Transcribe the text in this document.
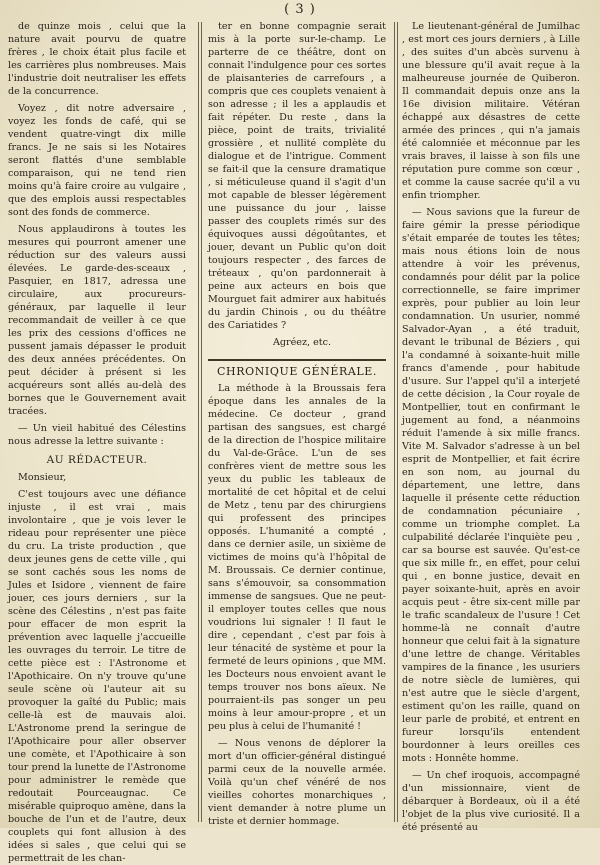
( 3 )

de quinze mois , celui que la nature avait pourvu de quatre frères , le choix était plus facile et les carrières plus nombreuses. Mais l'industrie doit neutraliser les effets de la concurrence.

Voyez , dit notre adversaire , voyez les fonds de café, qui se vendent quatre-vingt dix mille francs. Je ne sais si les Notaires seront flattés d'une semblable comparaison, qui ne tend rien moins qu'à faire croire au vulgaire , que des emplois aussi respectables sont des fonds de commerce.

Nous applaudirons à toutes les mesures qui pourront amener une réduction sur des valeurs aussi élevées. Le garde-des-sceaux , Pasquier, en 1817, adressa une circulaire, aux procureurs-généraux, par laquelle il leur recommandait de veiller à ce que les prix des cessions d'offices ne pussent jamais dépasser le produit des deux années précédentes. On peut décider à présent si les acquéreurs sont allés au-delà des bornes que le Gouvernement avait tracées.

— Un vieil habitué des Célestins nous adresse la lettre suivante :

AU RÉDACTEUR.

Monsieur,

C'est toujours avec une défiance injuste , il est vrai , mais involontaire , que je vois lever le rideau pour représenter une pièce du cru. La triste production , que deux jeunes gens de cette ville , qui se sont cachés sous les noms de Jules et Isidore , viennent de faire jouer, ces jours derniers , sur la scène des Célestins , n'est pas faite pour effacer de mon esprit la prévention avec laquelle j'accueille les ouvrages du terroir. Le titre de cette pièce est : l'Astronome et l'Apothicaire. On n'y trouve qu'une seule scène où l'auteur ait su provoquer la gaîté du Public; mais celle-là est de mauvais aloi. L'Astronome prend la seringue de l'Apothicaire pour aller observer une comète, et l'Apothicaire à son tour prend la lunette de l'Astronome pour administrer le remède que redoutait Pourceaugnac. Ce misérable quiproquo amène, dans la bouche de l'un et de l'autre, deux couplets qui font allusion à des idées si sales , que celui qui se permettrait de les chan-

ter en bonne compagnie serait mis à la porte sur-le-champ. Le parterre de ce théâtre, dont on connait l'indulgence pour ces sortes de plaisanteries de carrefours , a compris que ces couplets venaient à son adresse ; il les a applaudis et fait répéter. Du reste , dans la pièce, point de traits, trivialité grossière , et nullité complète du dialogue et de l'intrigue. Comment se fait-il que la censure dramatique , si méticuleuse quand il s'agit d'un mot capable de blesser légèrement une puissance du jour , laisse passer des couplets rimés sur des équivoques aussi dégoûtantes, et jouer, devant un Public qu'on doit toujours respecter , des farces de tréteaux , qu'on pardonnerait à peine aux acteurs en bois que Mourguet fait admirer aux habitués du jardin Chinois , ou du théâtre des Cariatides ?

Agréez, etc.

CHRONIQUE GÉNÉRALE.

La méthode à la Broussais fera époque dans les annales de la médecine. Ce docteur , grand partisan des sangsues, est chargé de la direction de l'hospice militaire du Val-de-Grâce. L'un de ses confrères vient de mettre sous les yeux du public les tableaux de mortalité de cet hôpital et de celui de Metz , tenu par des chirurgiens qui professent des principes opposés. L'humanité a compté , dans ce dernier asile, un sixième de victimes de moins qu'à l'hôpital de M. Broussais. Ce dernier continue, sans s'émouvoir, sa consommation immense de sangsues. Que ne peut-il employer toutes celles que nous voudrions lui signaler ! Il faut le dire , cependant , c'est par fois à leur ténacité de système et pour la fermeté de leurs opinions , que MM. les Docteurs nous envoient avant le temps trouver nos bons aïeux. Ne pourraient-ils pas songer un peu moins à leur amour-propre , et un peu plus à celui de l'humanité !

— Nous venons de déplorer la mort d'un officier-général distingué parmi ceux de la nouvelle armée. Voilà qu'un chef vénéré de nos vieilles cohortes monarchiques , vient demander à notre plume un triste et dernier hommage.

Le lieutenant-général de Jumilhac , est mort ces jours derniers , à Lille , des suites d'un abcès survenu à une blessure qu'il avait reçue à la malheureuse journée de Quiberon. Il commandait depuis onze ans la 16e division militaire. Vétéran échappé aux désastres de cette armée des princes , qui n'a jamais été calomniée et méconnue par les vrais braves, il laisse à son fils une réputation pure comme son cœur , et comme la cause sacrée qu'il a vu enfin triompher.

— Nous savions que la fureur de faire gémir la presse périodique s'était emparée de toutes les têtes; mais nous étions loin de nous attendre à voir les prévenus, condamnés pour délit par la police correctionnelle, se faire imprimer exprès, pour publier au loin leur condamnation. Un usurier, nommé Salvador-Ayan , a été traduit, devant le tribunal de Béziers , qui l'a condamné à soixante-huit mille francs d'amende , pour habitude d'usure. Sur l'appel qu'il a interjeté de cette décision , la Cour royale de Montpellier, tout en confirmant le jugement au fond, a néanmoins réduit l'amende à six mille francs. Vite M. Salvador s'adresse à un bel esprit de Montpellier, et fait écrire en son nom, au journal du département, une lettre, dans laquelle il présente cette réduction de condamnation pécuniaire , comme un triomphe complet. La culpabilité déclarée l'inquiète peu , car sa bourse est sauvée. Qu'est-ce que six mille fr., en effet, pour celui qui , en bonne justice, devait en payer soixante-huit, après en avoir acquis peut - être six-cent mille par le trafic scandaleux de l'usure ! Cet homme-là ne connaît d'autre honneur que celui fait à la signature d'une lettre de change. Véritables vampires de la finance , les usuriers de notre siècle de lumières, qui n'est autre que le siècle d'argent, estiment qu'on les raille, quand on leur parle de probité, et entrent en fureur lorsqu'ils entendent bourdonner à leurs oreilles ces mots : Honnête homme.

— Un chef iroquois, accompagné d'un missionnaire, vient de débarquer à Bordeaux, où il a été l'objet de la plus vive curiosité. Il a été présenté au
